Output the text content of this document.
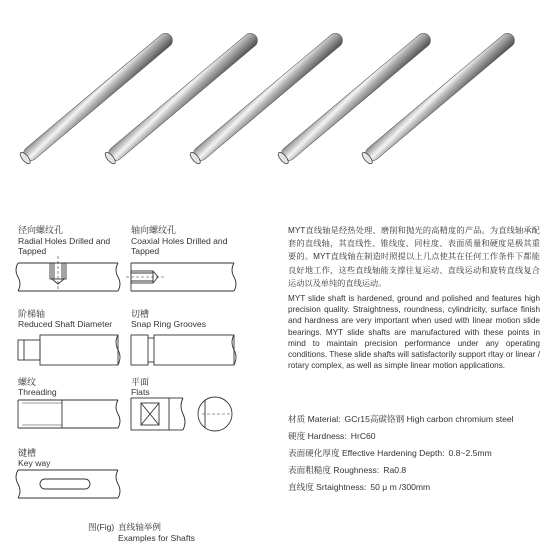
径向螺纹孔
Radial Holes Drilled and
Tapped
轴向螺纹孔
Coaxial Holes Drilled and
Tapped
阶梯轴
Reduced Shaft Diameter
切槽
Snap Ring Grooves
螺纹
Threading
平面
Flats
键槽
Key way
图(Fig) 直线轴举例
Examples for Shafts

MYT直线轴是经热处理、磨削和抛光的高精度的产品。为直线轴承配套的直线轴，其直线性、锥线度、同柱度、表面质量和硬度是极其重要的。MYT直线轴在制造时照提以上几点使其在任何工作条件下都能良好地工作，这些直线轴能支撑往复运动、直线运动和旋转直线复合运动以及单纯的直线运动。

MYT slide shaft is hardened, ground and polished and features high precision quality. Straightness, roundness, cylindricity, surface finish and hardness are very important when used with linear motion slide bearings. MYT slide shafts are manufactured with these points in mind to maintain precision performance under any operating conditions. These slide shafts will satisfactorily support rltay or linear / rotary complex, as well as simple linear motion applications.

材质 Material: GCr15高碳铬钢 High carbon chromium steel
硬度 Hardness: HrC60
表面硬化厚度 Effective Hardening Depth: 0.8~2.5mm
表面粗糙度 Roughness: Ra0.8
直线度 Srtaightness: 50 μ m /300mm
